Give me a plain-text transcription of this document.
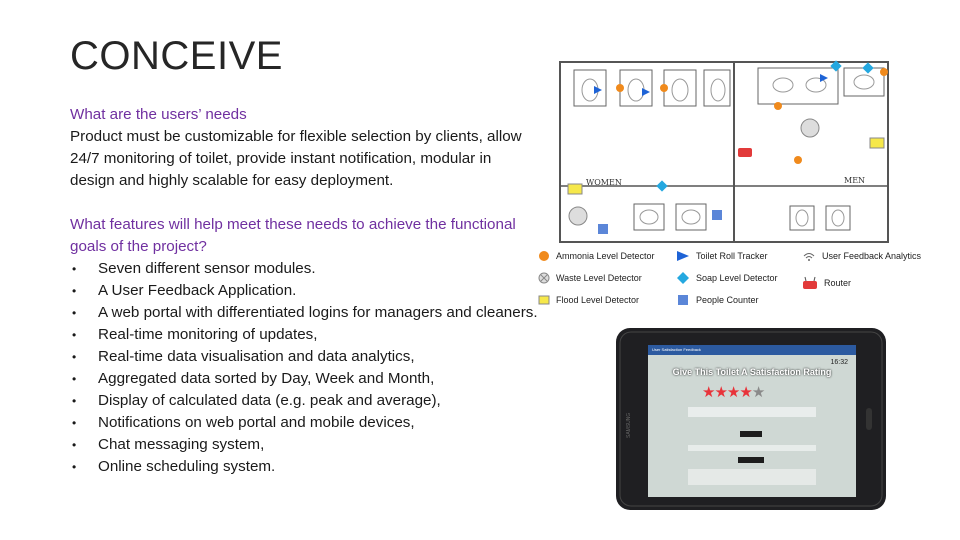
CONCEIVE

What are the users’ needs

Product must be customizable for flexible selection by clients, allow 24/7 monitoring of toilet, provide instant notification, modular in design and highly scalable for easy deployment.

What features will help meet these needs to achieve the functional goals of the project?

• Seven different sensor modules.
• A User Feedback Application.
• A web portal with differentiated logins for managers and cleaners.
• Real-time monitoring of updates,
• Real-time data visualisation and data analytics,
• Aggregated data sorted by Day, Week and Month,
• Display of calculated data (e.g. peak and average),
• Notifications on web portal and mobile devices,
• Chat messaging system,
• Online scheduling system.
WOMEN	MEN
Ammonia Level Detector
Waste Level Detector
Flood Level Detector
Toilet Roll Tracker
Soap Level Detector
People Counter
User Feedback Analytics
Router
SAMSUNG
User Satisfaction Feedback
16:32
Give This Toilet A Satisfaction Rating
★★★★★
